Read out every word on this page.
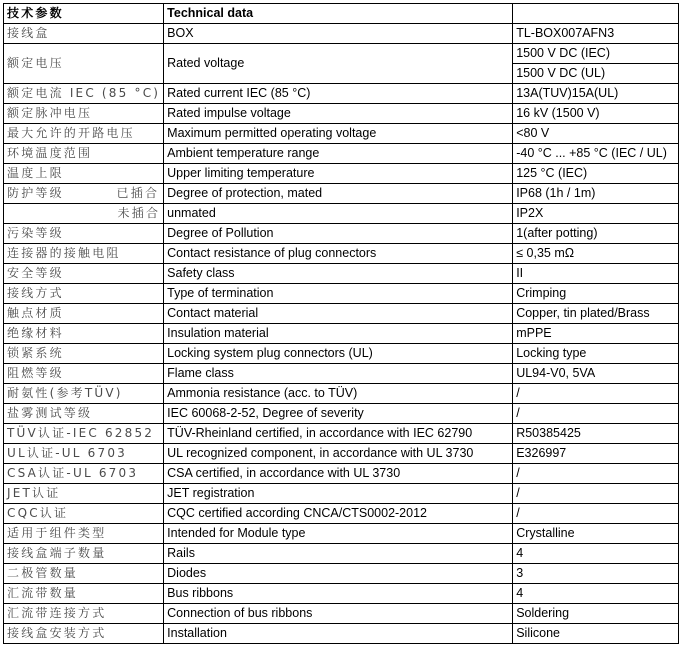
技术参数	Technical data	
接线盒	BOX	TL-BOX007AFN3
额定电压	Rated voltage	1500 V DC (IEC)
		1500 V DC (UL)
额定电流 IEC (85 °C)	Rated current IEC (85 °C)	13A(TUV)15A(UL)
额定脉冲电压	Rated impulse voltage	16 kV (1500 V)
最大允许的开路电压	Maximum permitted operating voltage	<80 V
环境温度范围	Ambient temperature range	-40 °C ... +85 °C (IEC / UL)
温度上限	Upper limiting temperature	125 °C (IEC)

防护等级 已插合	Degree of protection, mated	IP68 (1h / 1m)
未插合	unmated	IP2X
污染等级	Degree of Pollution	1(after potting)
连接器的接触电阻	Contact resistance of plug connectors	≤ 0,35 mΩ
安全等级	Safety class	II
接线方式	Type of termination	Crimping
触点材质	Contact material	Copper, tin plated/Brass
绝缘材料	Insulation material	mPPE
锁紧系统	Locking system plug connectors (UL)	Locking type
阻燃等级	Flame class	UL94-V0, 5VA
耐氨性(参考TÜV)	Ammonia resistance (acc. to TÜV)	/
盐雾测试等级	IEC 60068-2-52, Degree of severity	/
TÜV认证-IEC 62852	TÜV-Rheinland certified, in accordance with IEC 62790	R50385425
UL认证-UL 6703	UL recognized component, in accordance with UL 3730	E326997
CSA认证-UL 6703	CSA certified, in accordance with UL 3730	/
JET认证	JET registration	/
CQC认证	CQC certified according CNCA/CTS0002-2012	/
适用于组件类型	Intended for Module type	Crystalline
接线盒端子数量	Rails	4
二极管数量	Diodes	3
汇流带数量	Bus ribbons	4
汇流带连接方式	Connection of bus ribbons	Soldering
接线盒安装方式	Installation	Silicone
